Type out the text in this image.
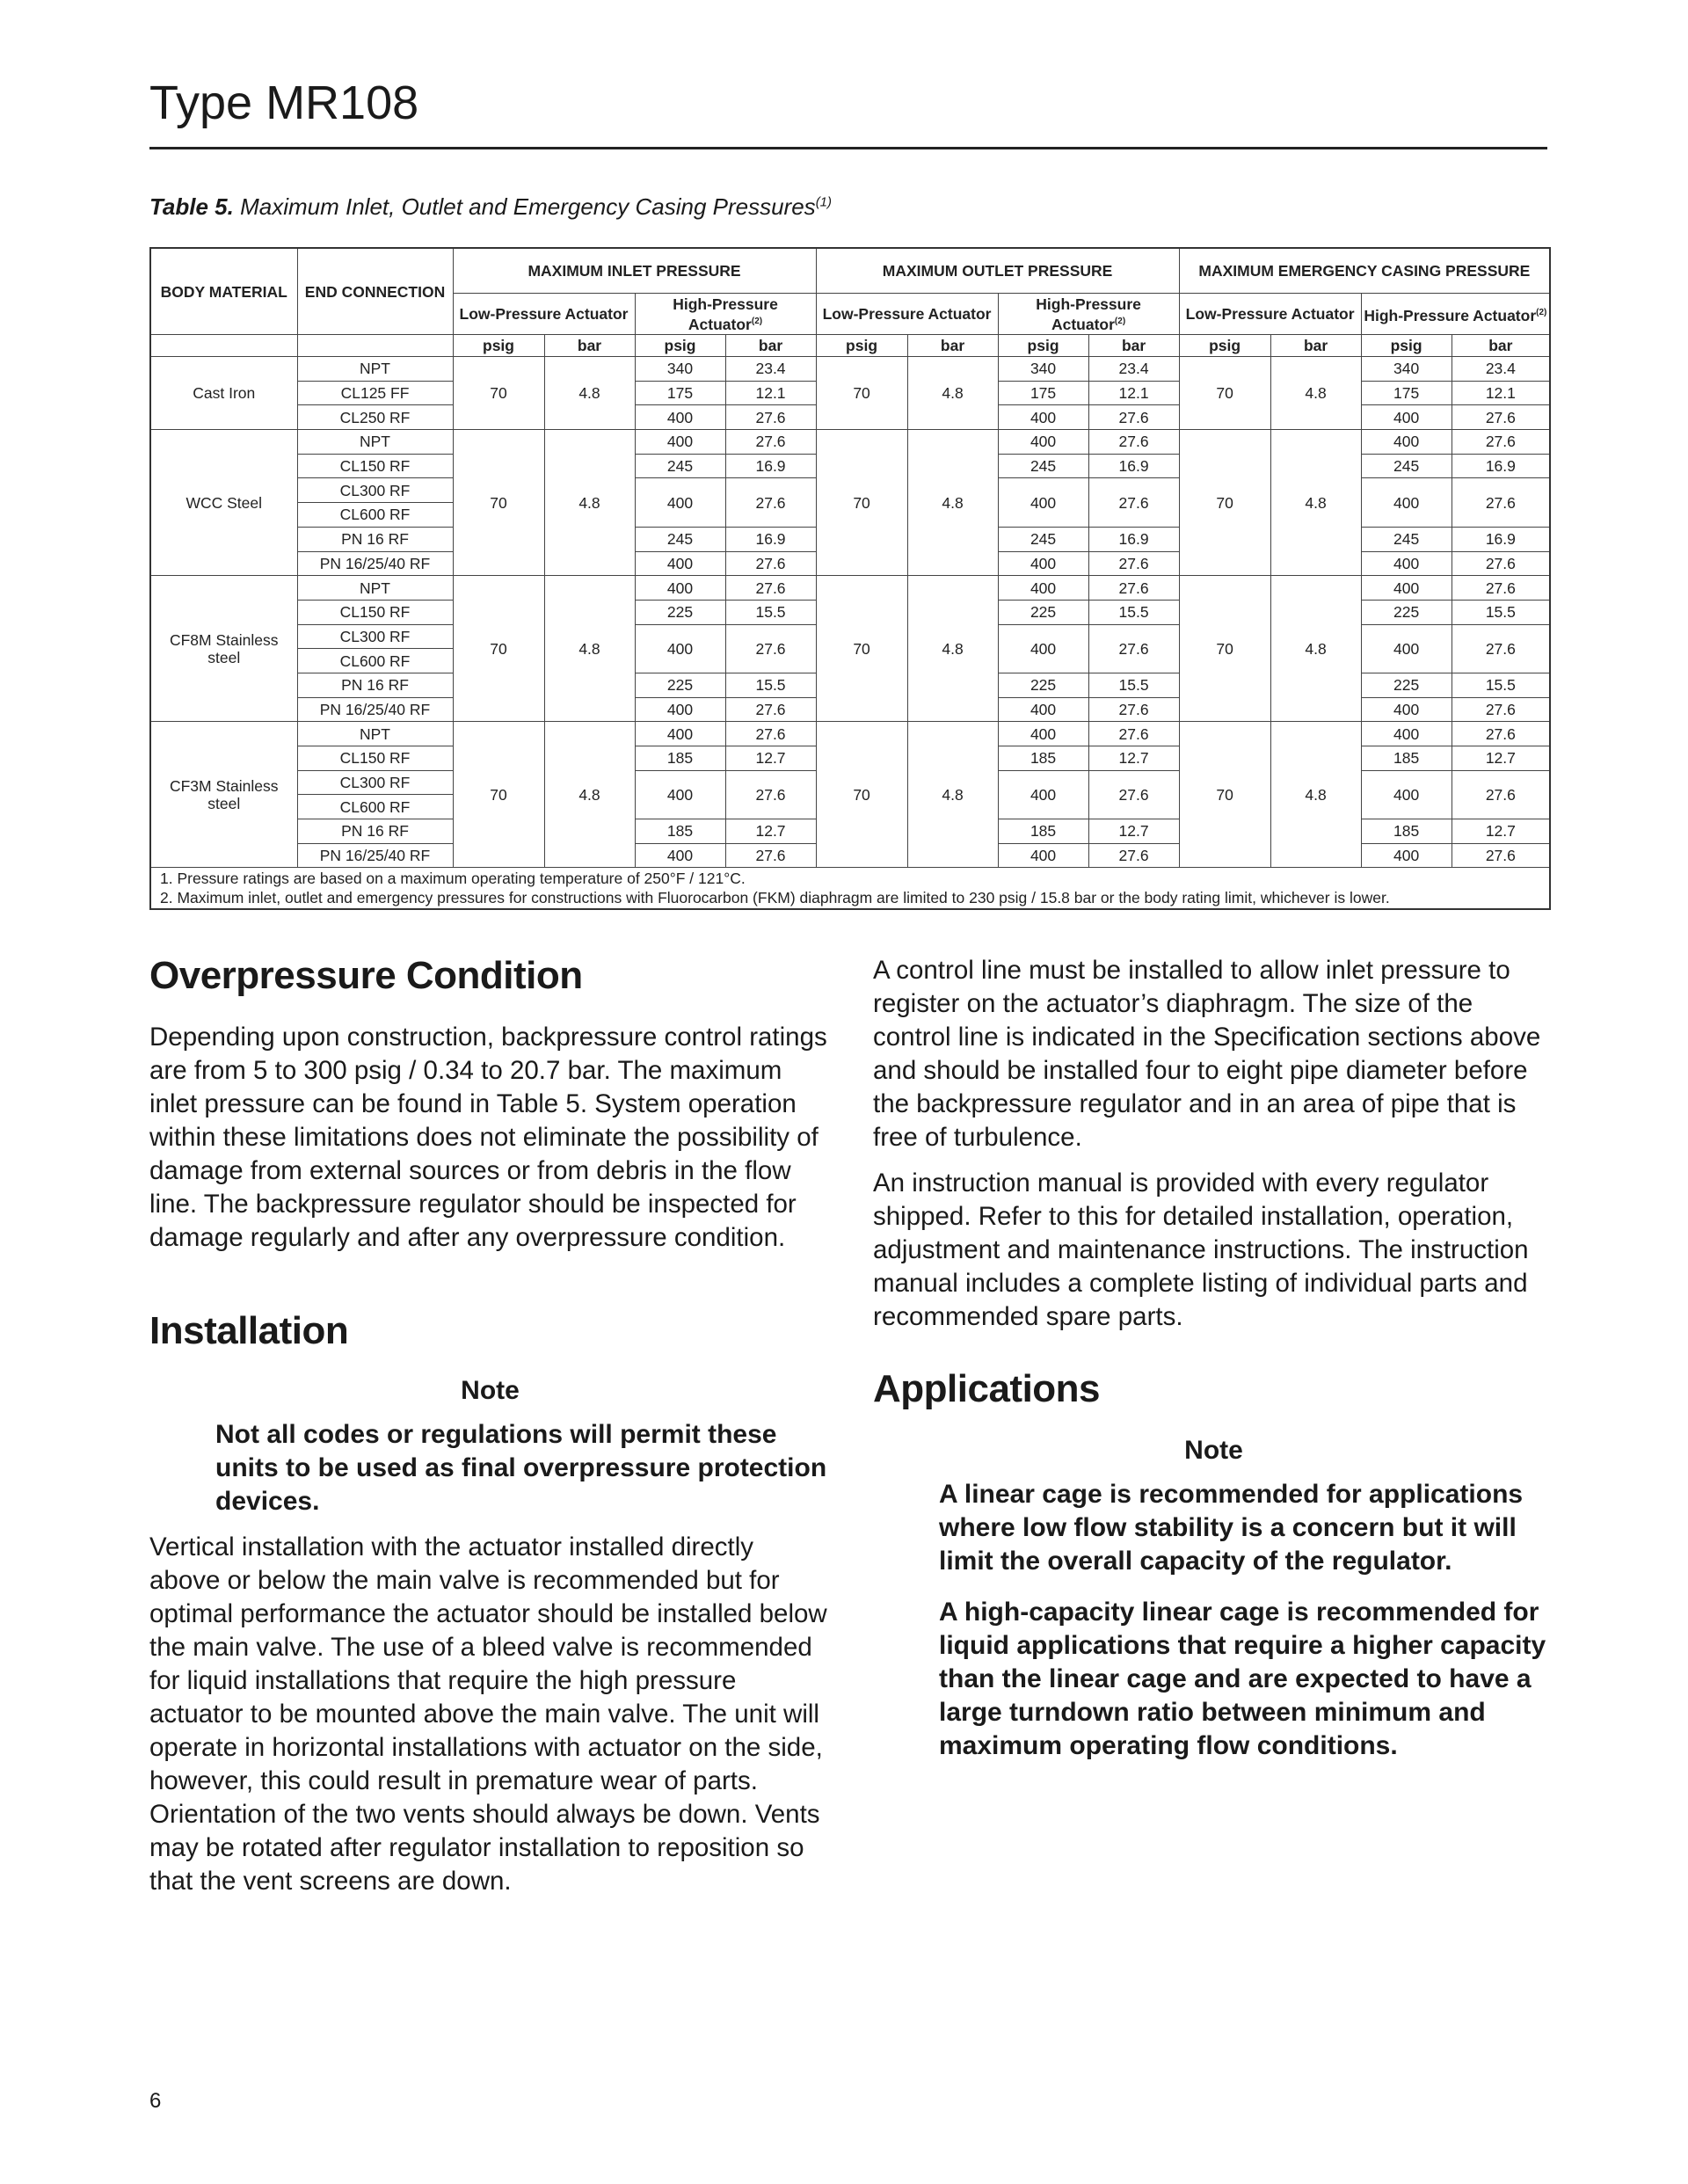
Type MR108
Table 5. Maximum Inlet, Outlet and Emergency Casing Pressures$^{(1)}$
BODY MATERIAL	END CONNECTION	MAXIMUM INLET PRESSURE				MAXIMUM OUTLET PRESSURE				MAXIMUM EMERGENCY CASING PRESSURE			
		Low-Pressure Actuator		High-Pressure Actuator$^{(2)}$		Low-Pressure Actuator		High-Pressure Actuator$^{(2)}$		Low-Pressure Actuator		High-Pressure Actuator$^{(2)}$
		psig	bar	psig	bar	psig	bar	psig	bar	psig	bar	psig	bar
Cast Iron	NPT	70	4.8	340	23.4	70	4.8	340	23.4	70	4.8	340	23.4
	CL125 FF			175	12.1			175	12.1			175	12.1
	CL250 RF			400	27.6			400	27.6			400	27.6
WCC Steel	NPT	70	4.8	400	27.6	70	4.8	400	27.6	70	4.8	400	27.6
	CL150 RF			245	16.9			245	16.9			245	16.9
	CL300 RF			400	27.6			400	27.6			400	27.6
	CL600 RF												
	PN 16 RF			245	16.9			245	16.9			245	16.9
	PN 16/25/40 RF			400	27.6			400	27.6			400	27.6
CF8M Stainless steel	NPT	70	4.8	400	27.6	70	4.8	400	27.6	70	4.8	400	27.6
	CL150 RF			225	15.5			225	15.5			225	15.5
	CL300 RF			400	27.6			400	27.6			400	27.6
	CL600 RF												
	PN 16 RF			225	15.5			225	15.5			225	15.5
	PN 16/25/40 RF			400	27.6			400	27.6			400	27.6
CF3M Stainless steel	NPT	70	4.8	400	27.6	70	4.8	400	27.6	70	4.8	400	27.6
	CL150 RF			185	12.7			185	12.7			185	12.7
	CL300 RF			400	27.6			400	27.6			400	27.6
	CL600 RF												
	PN 16 RF			185	12.7			185	12.7			185	12.7
	PN 16/25/40 RF			400	27.6			400	27.6			400	27.6

1. Pressure ratings are based on a maximum operating temperature of 250°F / 121°C.
2. Maximum inlet, outlet and emergency pressures for constructions with Fluorocarbon (FKM) diaphragm are limited to 230 psig / 15.8 bar or the body rating limit, whichever is lower.													
Overpressure Condition

Depending upon construction, backpressure control ratings are from 5 to 300 psig / 0.34 to 20.7 bar. The maximum inlet pressure can be found in Table 5. System operation within these limitations does not eliminate the possibility of damage from external sources or from debris in the flow line. The backpressure regulator should be inspected for damage regularly and after any overpressure condition.

Installation
Note

Not all codes or regulations will permit these units to be used as final overpressure protection devices.

Vertical installation with the actuator installed directly above or below the main valve is recommended but for optimal performance the actuator should be installed below the main valve. The use of a bleed valve is recommended for liquid installations that require the high pressure actuator to be mounted above the main valve. The unit will operate in horizontal installations with actuator on the side, however, this could result in premature wear of parts. Orientation of the two vents should always be down. Vents may be rotated after regulator installation to reposition so that the vent screens are down.

A control line must be installed to allow inlet pressure to register on the actuator’s diaphragm. The size of the control line is indicated in the Specification sections above and should be installed four to eight pipe diameter before the backpressure regulator and in an area of pipe that is free of turbulence.

An instruction manual is provided with every regulator shipped. Refer to this for detailed installation, operation, adjustment and maintenance instructions. The instruction manual includes a complete listing of individual parts and recommended spare parts.

Applications
Note

A linear cage is recommended for applications where low flow stability is a concern but it will limit the overall capacity of the regulator.

A high-capacity linear cage is recommended for liquid applications that require a higher capacity than the linear cage and are expected to have a large turndown ratio between minimum and maximum operating flow conditions.

6
